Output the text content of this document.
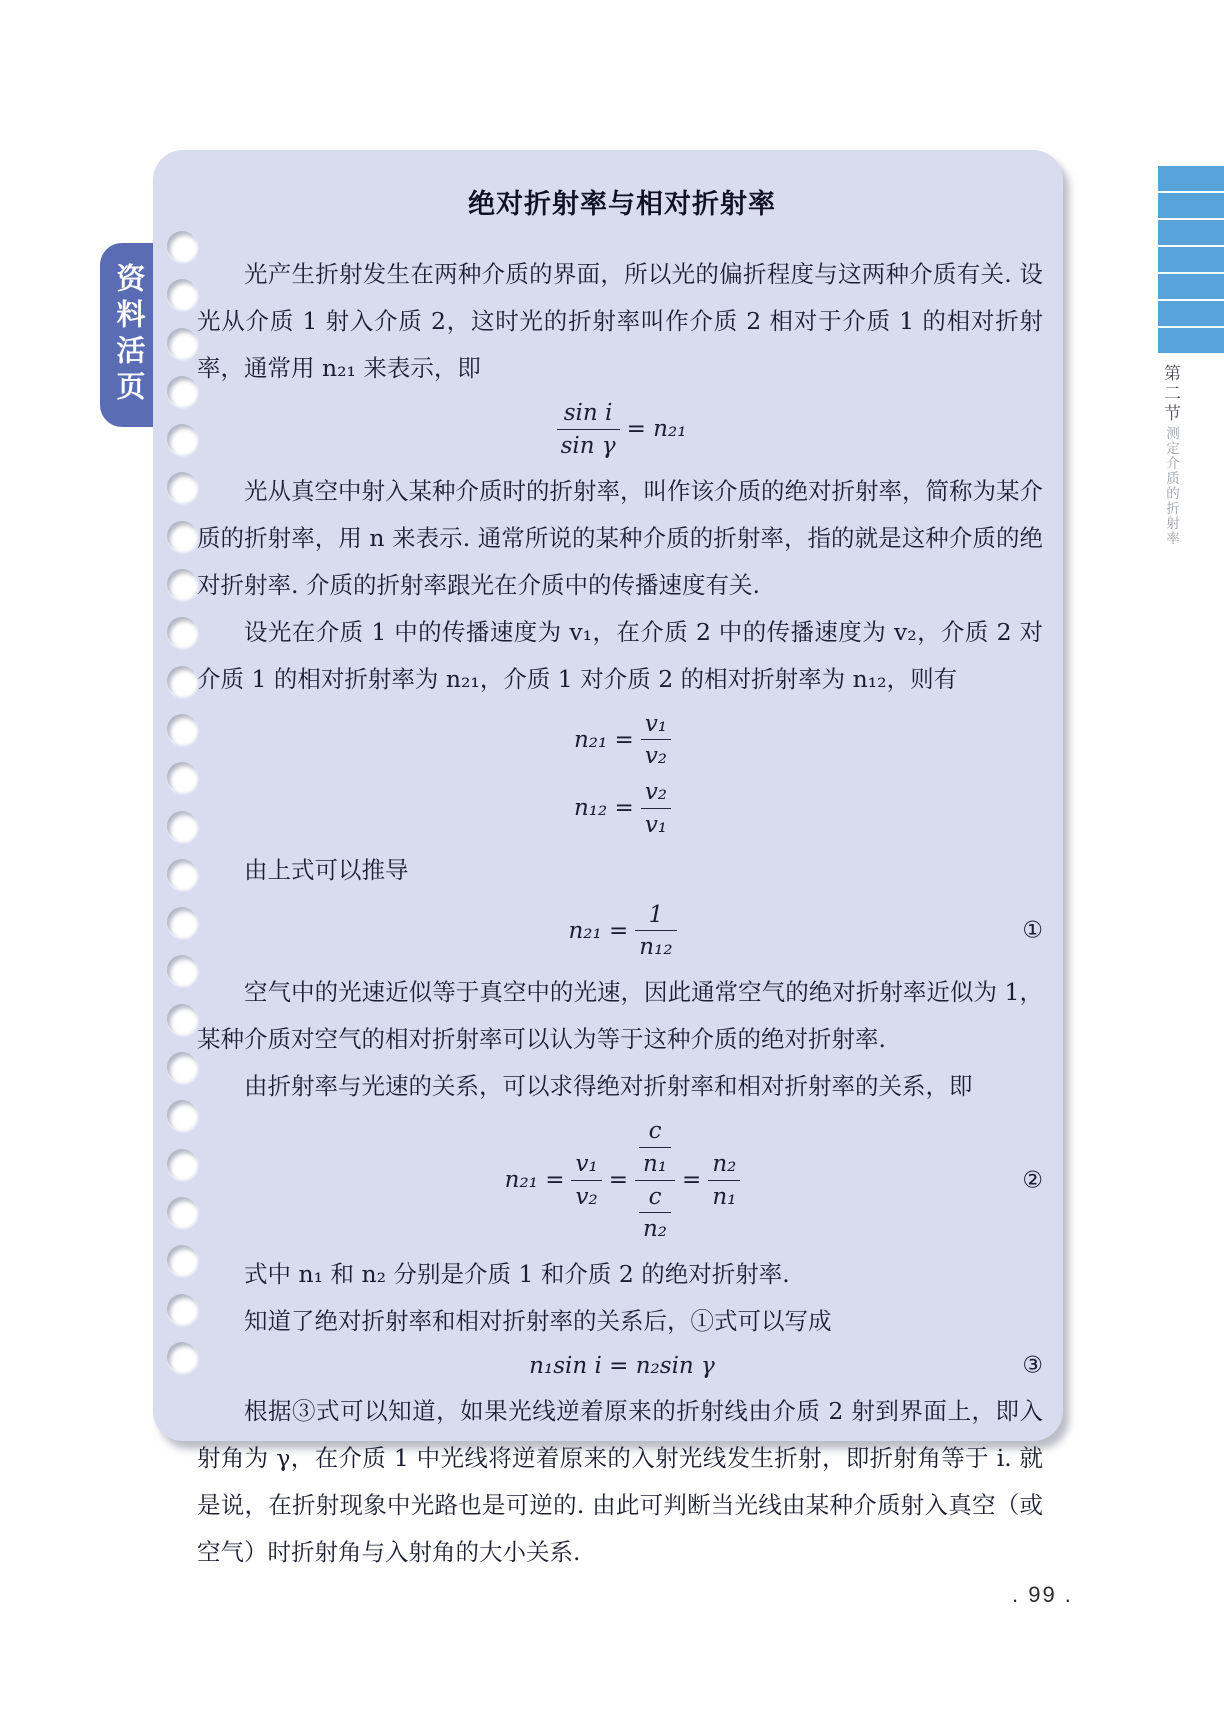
资料活页
绝对折射率与相对折射率

光产生折射发生在两种介质的界面，所以光的偏折程度与这两种介质有关. 设光从介质 1 射入介质 2，这时光的折射率叫作介质 2 相对于介质 1 的相对折射率，通常用 n₂₁ 来表示，即

$\frac{\text{sin i}}{\text{sin γ}} = n_{21}$

光从真空中射入某种介质时的折射率，叫作该介质的绝对折射率，简称为某介质的折射率，用 n 来表示. 通常所说的某种介质的折射率，指的就是这种介质的绝对折射率. 介质的折射率跟光在介质中的传播速度有关.

设光在介质 1 中的传播速度为 v₁，在介质 2 中的传播速度为 v₂，介质 2 对介质 1 的相对折射率为 n₂₁，介质 1 对介质 2 的相对折射率为 n₁₂，则有

$n_{21} = \frac{\text{v₁}}{\text{v₂}}$
$n_{12} = \frac{\text{v₂}}{\text{v₁}}$

由上式可以推导

$n_{21} = \frac{1}{\text{n₁₂}}$	①

空气中的光速近似等于真空中的光速，因此通常空气的绝对折射率近似为 1，某种介质对空气的相对折射率可以认为等于这种介质的绝对折射率.

由折射率与光速的关系，可以求得绝对折射率和相对折射率的关系，即

$n_{21} = \frac{\text{v₁}}{\text{v₂}} = \frac{\frac{c}{\text{n₁}}}{\frac{c}{\text{n₂}}} = \frac{\text{n₂}}{\text{n₁}}$	②

式中 n₁ 和 n₂ 分别是介质 1 和介质 2 的绝对折射率.

知道了绝对折射率和相对折射率的关系后，①式可以写成

n₁sin i = n₂sin γ	③

根据③式可以知道，如果光线逆着原来的折射线由介质 2 射到界面上，即入射角为 γ，在介质 1 中光线将逆着原来的入射光线发生折射，即折射角等于 i. 就是说，在折射现象中光路也是可逆的. 由此可判断当光线由某种介质射入真空（或空气）时折射角与入射角的大小关系.

第二节
测定介质的折射率
. 99 .
